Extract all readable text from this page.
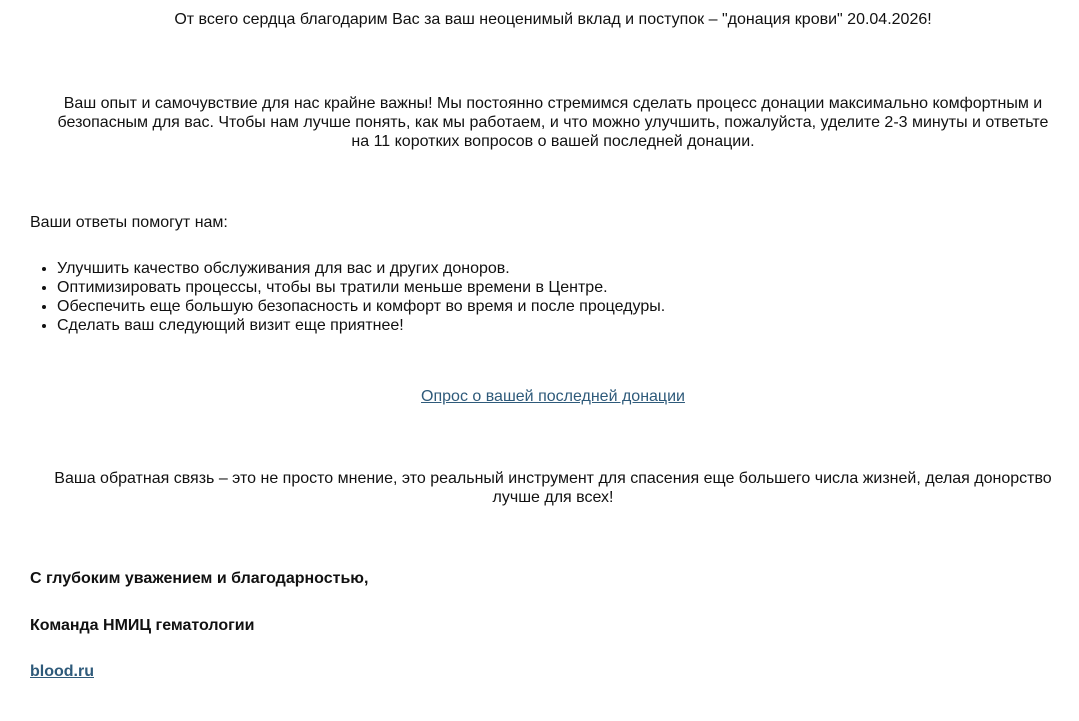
От всего сердца благодарим Вас за ваш неоценимый вклад и поступок – "донация крови" 20.04.2026!
Ваш опыт и самочувствие для нас крайне важны! Мы постоянно стремимся сделать процесс донации максимально комфортным и
безопасным для вас. Чтобы нам лучше понять, как мы работаем, и что можно улучшить, пожалуйста, уделите 2-3 минуты и ответьте
на 11 коротких вопросов о вашей последней донации.
Ваши ответы помогут нам:
• Улучшить качество обслуживания для вас и других доноров.
• Оптимизировать процессы, чтобы вы тратили меньше времени в Центре.
• Обеспечить еще большую безопасность и комфорт во время и после процедуры.
• Сделать ваш следующий визит еще приятнее!
Опрос о вашей последней донации
Ваша обратная связь – это не просто мнение, это реальный инструмент для спасения еще большего числа жизней, делая донорство
лучше для всех!
С глубоким уважением и благодарностью,
Команда НМИЦ гематологии
blood.ru
